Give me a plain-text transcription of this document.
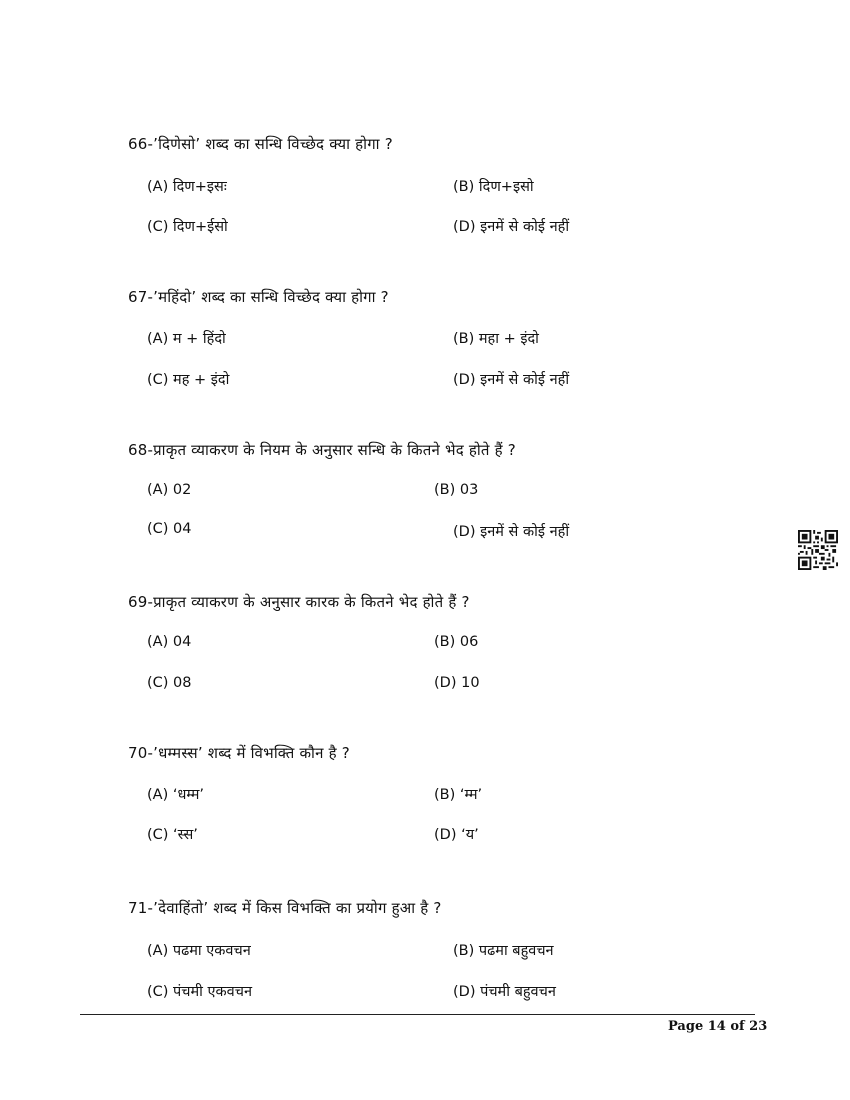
66-’दिणेसो’ शब्द का सन्धि विच्छेद क्या होगा ?
(A) दिण+इसः	(B) दिण+इसो
(C) दिण+ईसो	(D) इनमें से कोई नहीं
67-’महिंदो’ शब्द का सन्धि विच्छेद क्या होगा ?
(A) म + हिंदो	(B) महा + इंदो
(C) मह + इंदो	(D) इनमें से कोई नहीं
68-प्राकृत व्याकरण के नियम के अनुसार सन्धि के कितने भेद होते हैं ?
(A) 02	(B) 03
(C) 04	(D) इनमें से कोई नहीं
69-प्राकृत व्याकरण के अनुसार कारक के कितने भेद होते हैं ?
(A) 04	(B) 06
(C) 08	(D) 10
70-’धम्मस्स’ शब्द में विभक्ति कौन है ?
(A) ‘धम्म’	(B) ‘म्म’
(C) ‘स्स’	(D) ‘य’
71-’देवाहिंतो’ शब्द में किस विभक्ति का प्रयोग हुआ है ?
(A) पढमा एकवचन	(B) पढमा बहुवचन
(C) पंचमी एकवचन	(D) पंचमी बहुवचन
Page 14 of 23
